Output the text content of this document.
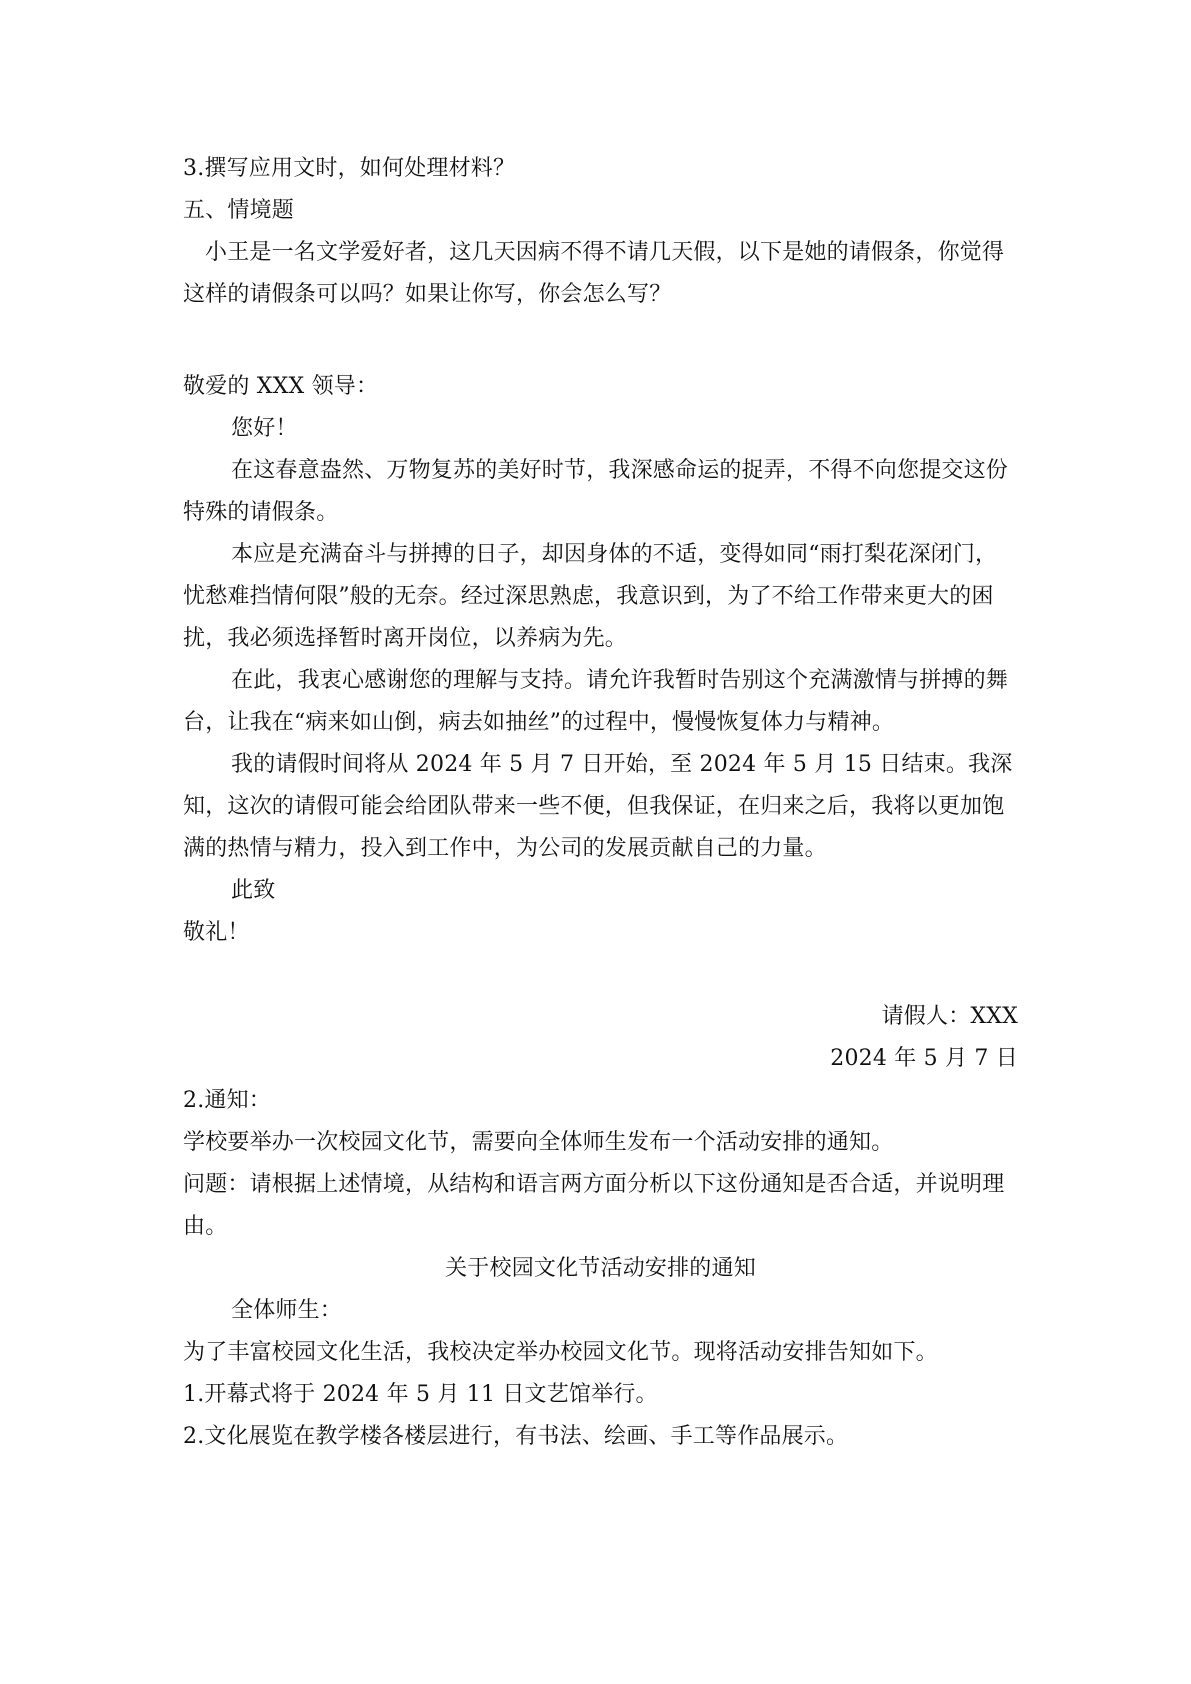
3.撰写应用文时，如何处理材料？

五、情境题

小王是一名文学爱好者，这几天因病不得不请几天假，以下是她的请假条，你觉得这样的请假条可以吗？如果让你写，你会怎么写？

敬爱的 XXX 领导：

您好！

在这春意盎然、万物复苏的美好时节，我深感命运的捉弄，不得不向您提交这份特殊的请假条。

本应是充满奋斗与拼搏的日子，却因身体的不适，变得如同“雨打梨花深闭门，忧愁难挡情何限”般的无奈。经过深思熟虑，我意识到，为了不给工作带来更大的困扰，我必须选择暂时离开岗位，以养病为先。

在此，我衷心感谢您的理解与支持。请允许我暂时告别这个充满激情与拼搏的舞台，让我在“病来如山倒，病去如抽丝”的过程中，慢慢恢复体力与精神。

我的请假时间将从 2024 年 5 月 7 日开始，至 2024 年 5 月 15 日结束。我深知，这次的请假可能会给团队带来一些不便，但我保证，在归来之后，我将以更加饱满的热情与精力，投入到工作中，为公司的发展贡献自己的力量。

此致

敬礼！

请假人：XXX

2024 年 5 月 7 日

2.通知：

学校要举办一次校园文化节，需要向全体师生发布一个活动安排的通知。

问题：请根据上述情境，从结构和语言两方面分析以下这份通知是否合适，并说明理由。

关于校园文化节活动安排的通知

全体师生：

为了丰富校园文化生活，我校决定举办校园文化节。现将活动安排告知如下。

1.开幕式将于 2024 年 5 月 11 日文艺馆举行。

2.文化展览在教学楼各楼层进行，有书法、绘画、手工等作品展示。
